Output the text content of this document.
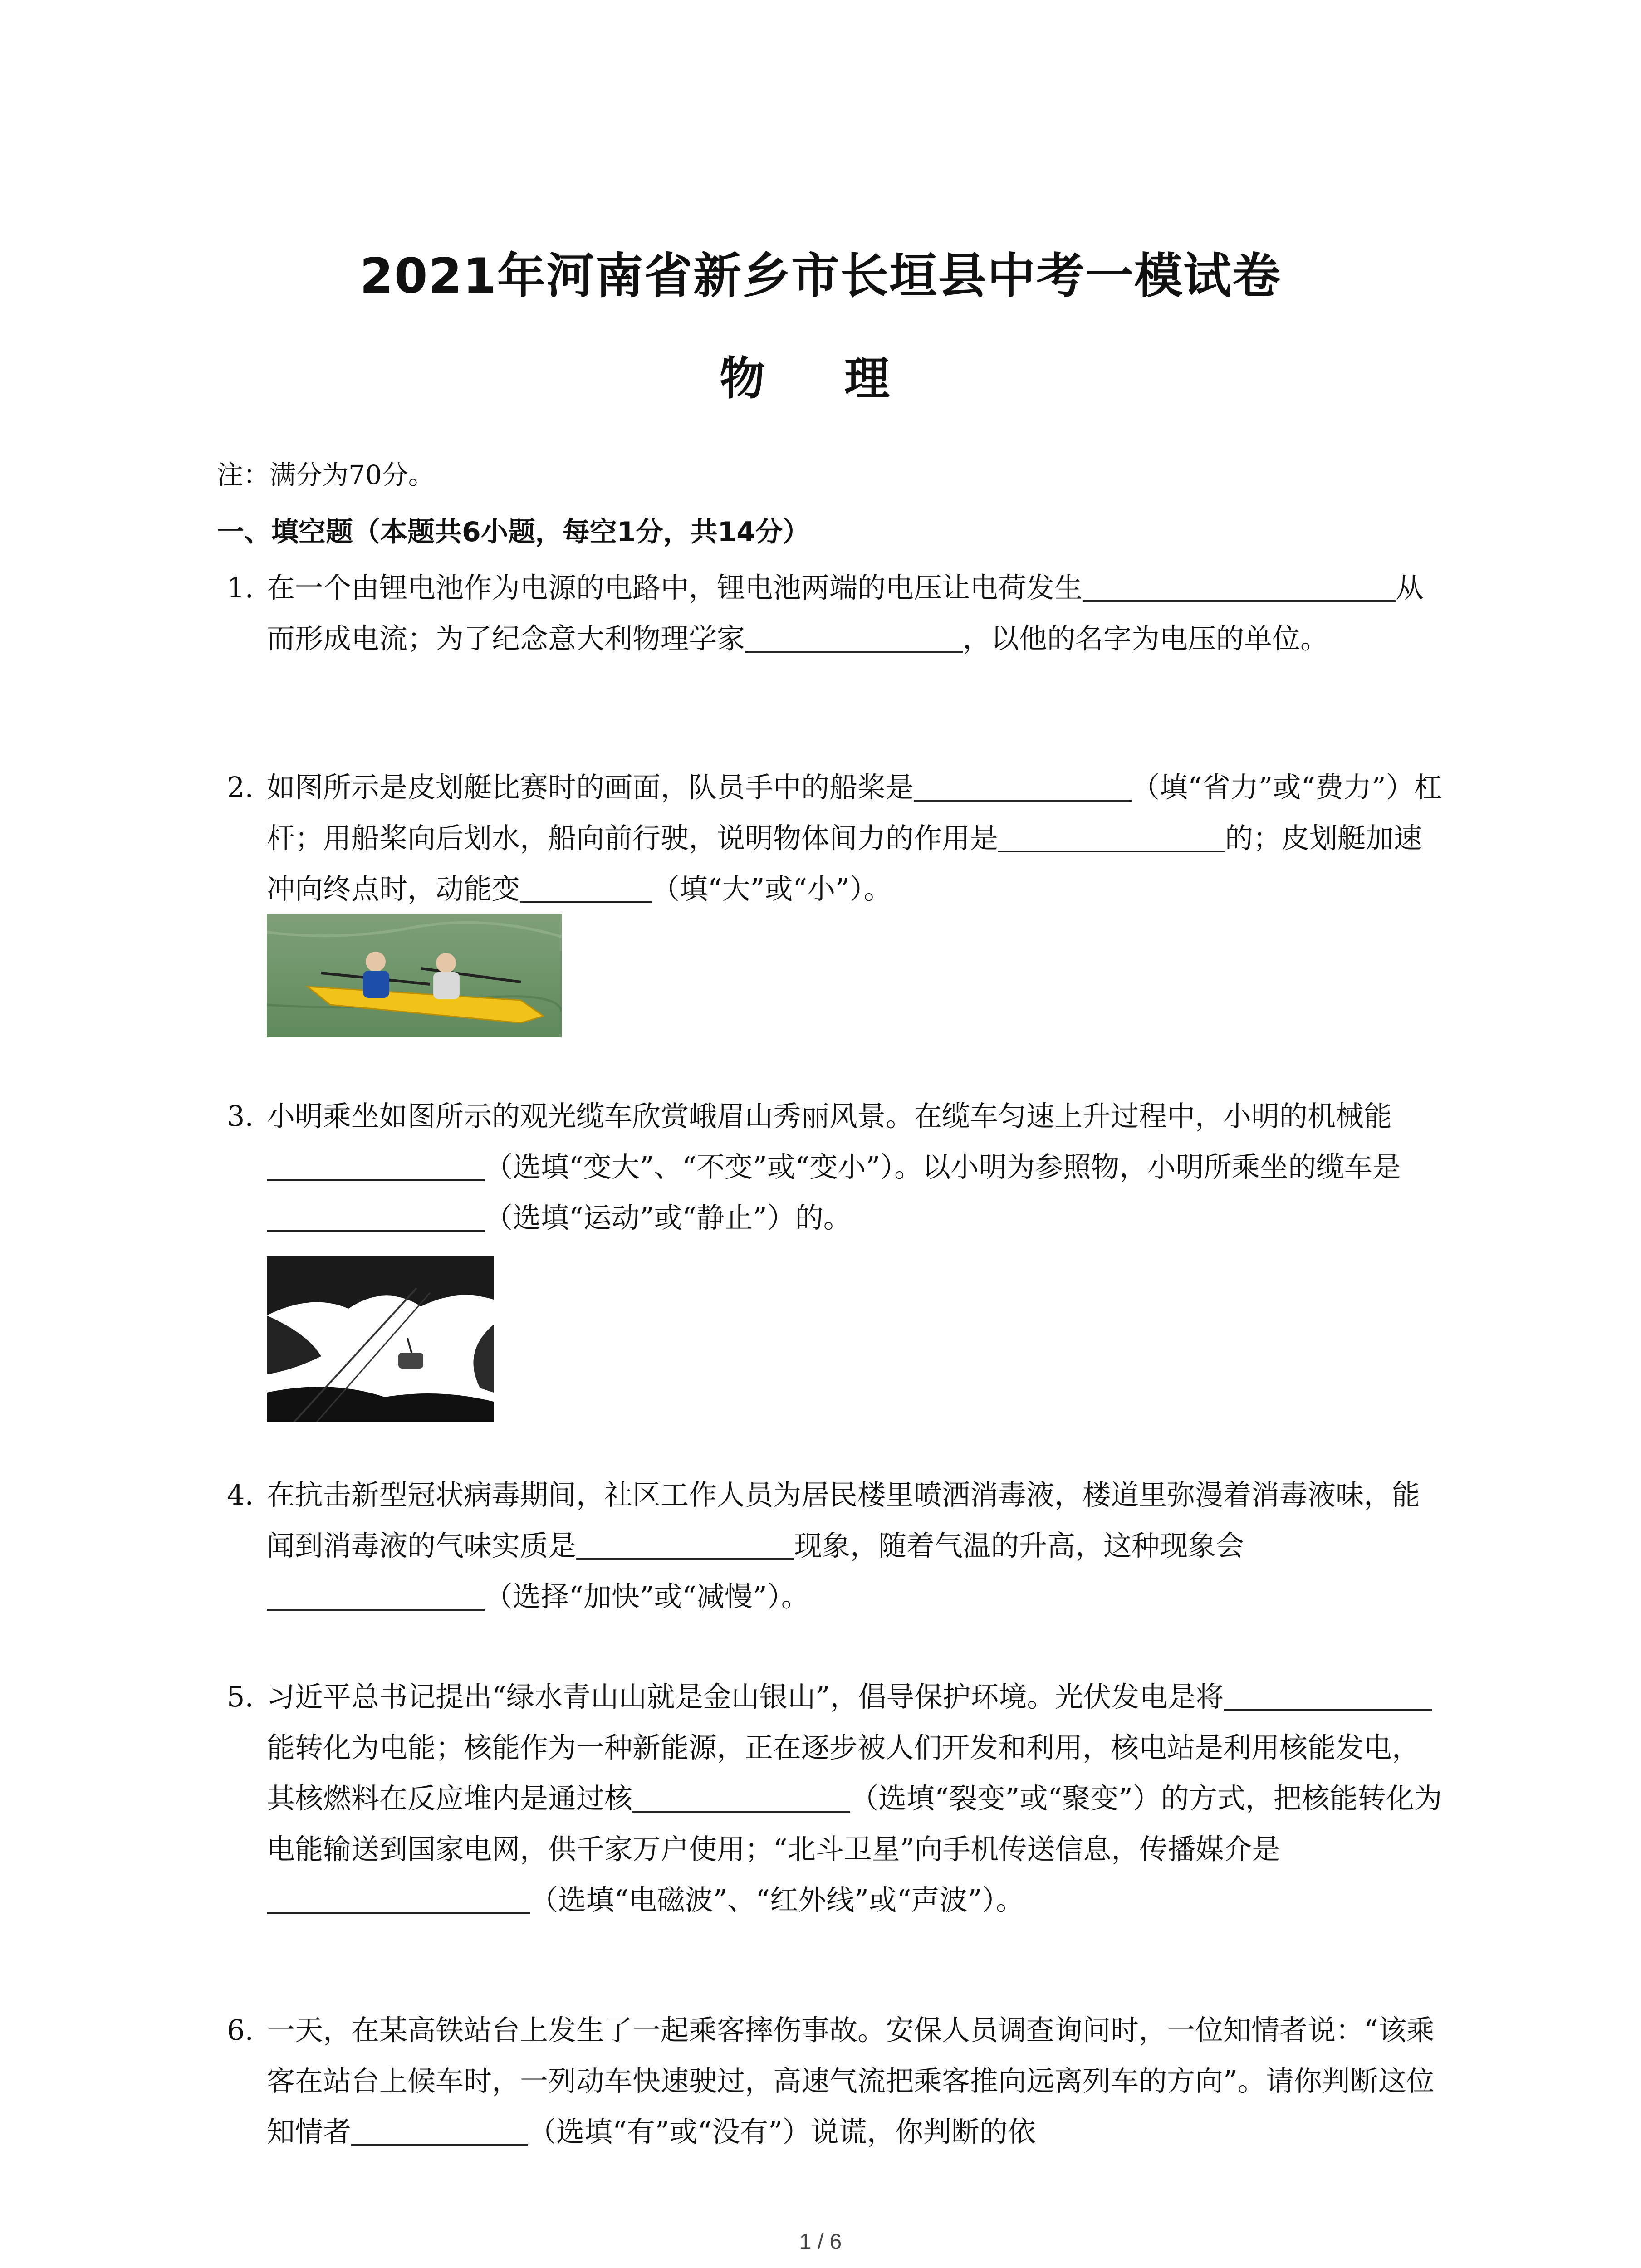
2021年河南省新乡市长垣县中考一模试卷
物 理
注：满分为70分。
一、填空题（本题共6小题，每空1分，共14分）
1. 在一个由锂电池作为电源的电路中，锂电池两端的电压让电荷发生	从而形成电流；为了纪念意大利物理学家	，以他的名字为电压的单位。
2. 如图所示是皮划艇比赛时的画面，队员手中的船桨是	（填“省力”或“费力”）杠杆；用船桨向后划水，船向前行驶，说明物体间力的作用是	的；皮划艇加速冲向终点时，动能变	（填“大”或“小”）。
3. 小明乘坐如图所示的观光缆车欣赏峨眉山秀丽风景。在缆车匀速上升过程中，小明的机械能（选填“变大”、“不变”或“变小”）。以小明为参照物，小明所乘坐的缆车是（选填“运动”或“静止”）的。
4. 在抗击新型冠状病毒期间，社区工作人员为居民楼里喷洒消毒液，楼道里弥漫着消毒液味，能闻到消毒液的气味实质是	现象，随着气温的升高，这种现象会（选择“加快”或“减慢”）。
5. 习近平总书记提出“绿水青山山就是金山银山”，倡导保护环境。光伏发电是将能转化为电能；核能作为一种新能源，正在逐步被人们开发和利用，核电站是利用核能发电，其核燃料在反应堆内是通过核	（选填“裂变”或“聚变”）的方式，把核能转化为电能输送到国家电网，供千家万户使用；“北斗卫星”向手机传送信息，传播媒介是（选填“电磁波”、“红外线”或“声波”）。
6. 一天，在某高铁站台上发生了一起乘客摔伤事故。安保人员调查询问时，一位知情者说：“该乘客在站台上候车时，一列动车快速驶过，高速气流把乘客推向远离列车的方向”。请你判断这位知情者	（选填“有”或“没有”）说谎，你判断的依
1 / 6
